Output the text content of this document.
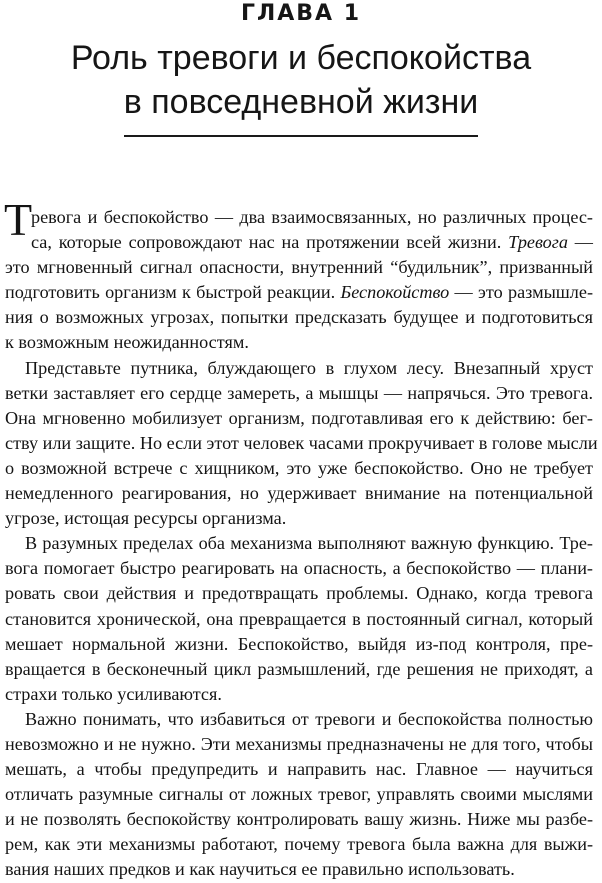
ГЛАВА 1
Роль тревоги и беспокойства
в повседневной жизни
Т
ревога и беспокойство — два взаимосвязанных, но различных процес-
са, которые сопровождают нас на протяжении всей жизни. Тревога —
это мгновенный сигнал опасности, внутренний “будильник”, призванный
подготовить организм к быстрой реакции. Беспокойство — это размышле-
ния о возможных угрозах, попытки предсказать будущее и подготовиться
к возможным неожиданностям.
Представьте путника, блуждающего в глухом лесу. Внезапный хруст
ветки заставляет его сердце замереть, а мышцы — напрячься. Это тревога.
Она мгновенно мобилизует организм, подготавливая его к действию: бег-
ству или защите. Но если этот человек часами прокручивает в голове мысли
о возможной встрече с хищником, это уже беспокойство. Оно не требует
немедленного реагирования, но удерживает внимание на потенциальной
угрозе, истощая ресурсы организма.
В разумных пределах оба механизма выполняют важную функцию. Тре-
вога помогает быстро реагировать на опасность, а беспокойство — плани-
ровать свои действия и предотвращать проблемы. Однако, когда тревога
становится хронической, она превращается в постоянный сигнал, который
мешает нормальной жизни. Беспокойство, выйдя из-под контроля, пре-
вращается в бесконечный цикл размышлений, где решения не приходят, а
страхи только усиливаются.
Важно понимать, что избавиться от тревоги и беспокойства полностью
невозможно и не нужно. Эти механизмы предназначены не для того, чтобы
мешать, а чтобы предупредить и направить нас. Главное — научиться
отличать разумные сигналы от ложных тревог, управлять своими мыслями
и не позволять беспокойству контролировать вашу жизнь. Ниже мы разбе-
рем, как эти механизмы работают, почему тревога была важна для выжи-
вания наших предков и как научиться ее правильно использовать.
